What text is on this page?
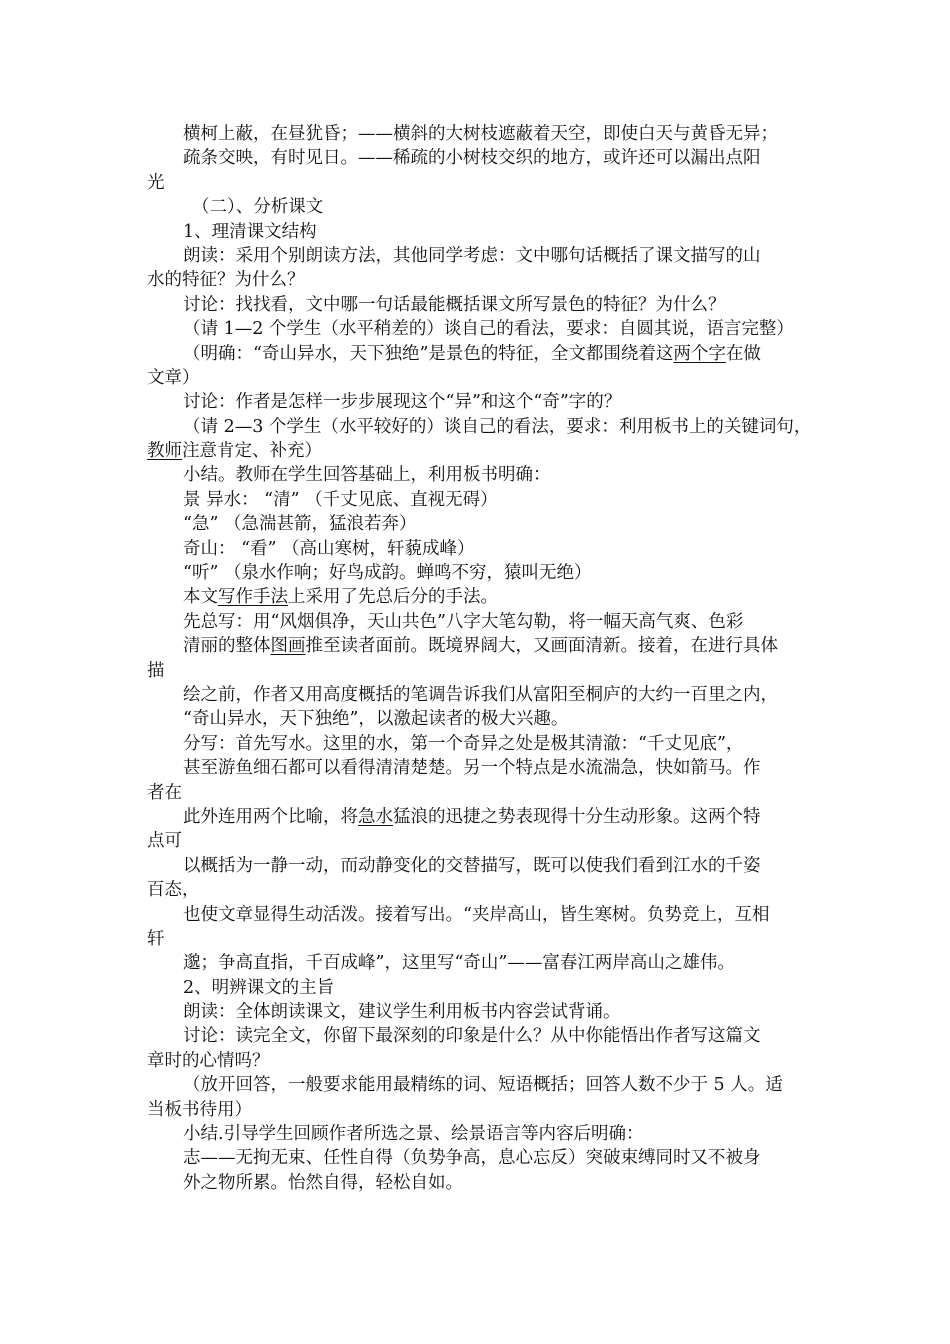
横柯上蔽，在昼犹昏；——横斜的大树枝遮蔽着天空，即使白天与黄昏无异；
疏条交映，有时见日。——稀疏的小树枝交织的地方，或许还可以漏出点阳
光
（二）、分析课文
1、理清课文结构
朗读：采用个别朗读方法，其他同学考虑：文中哪句话概括了课文描写的山
水的特征？为什么？
讨论：找找看，文中哪一句话最能概括课文所写景色的特征？为什么？
（请 1—2 个学生（水平稍差的）谈自己的看法，要求：自圆其说，语言完整）
（明确：“奇山异水，天下独绝”是景色的特征，全文都围绕着这两个字在做
文章）
讨论：作者是怎样一步步展现这个“异”和这个“奇”字的？
（请 2—3 个学生（水平较好的）谈自己的看法，要求：利用板书上的关键词句，
教师注意肯定、补充）
小结。教师在学生回答基础上，利用板书明确：
景 异水： “清” （千丈见底、直视无碍）
“急” （急湍甚箭，猛浪若奔）
奇山： “看” （高山寒树，轩藐成峰）
“听” （泉水作响；好鸟成韵。蝉鸣不穷，猿叫无绝）
本文写作手法上采用了先总后分的手法。
先总写：用“风烟俱净，天山共色”八字大笔勾勒，将一幅天高气爽、色彩
清丽的整体图画推至读者面前。既境界阔大，又画面清新。接着，在进行具体
描
绘之前，作者又用高度概括的笔调告诉我们从富阳至桐庐的大约一百里之内，
“奇山异水，天下独绝”，以激起读者的极大兴趣。
分写：首先写水。这里的水，第一个奇异之处是极其清澈：“千丈见底”，
甚至游鱼细石都可以看得清清楚楚。另一个特点是水流湍急，快如箭马。作
者在
此外连用两个比喻，将急水猛浪的迅捷之势表现得十分生动形象。这两个特
点可
以概括为一静一动，而动静变化的交替描写，既可以使我们看到江水的千姿
百态，
也使文章显得生动活泼。接着写出。“夹岸高山，皆生寒树。负势竞上，互相
轩
邈；争高直指，千百成峰”，这里写“奇山”——富春江两岸高山之雄伟。
2、明辨课文的主旨
朗读：全体朗读课文，建议学生利用板书内容尝试背诵。
讨论：读完全文，你留下最深刻的印象是什么？从中你能悟出作者写这篇文
章时的心情吗？
（放开回答，一般要求能用最精练的词、短语概括；回答人数不少于 5 人。适
当板书待用）
小结.引导学生回顾作者所选之景、绘景语言等内容后明确：
志——无拘无束、任性自得（负势争高，息心忘反）突破束缚同时又不被身
外之物所累。怡然自得，轻松自如。
